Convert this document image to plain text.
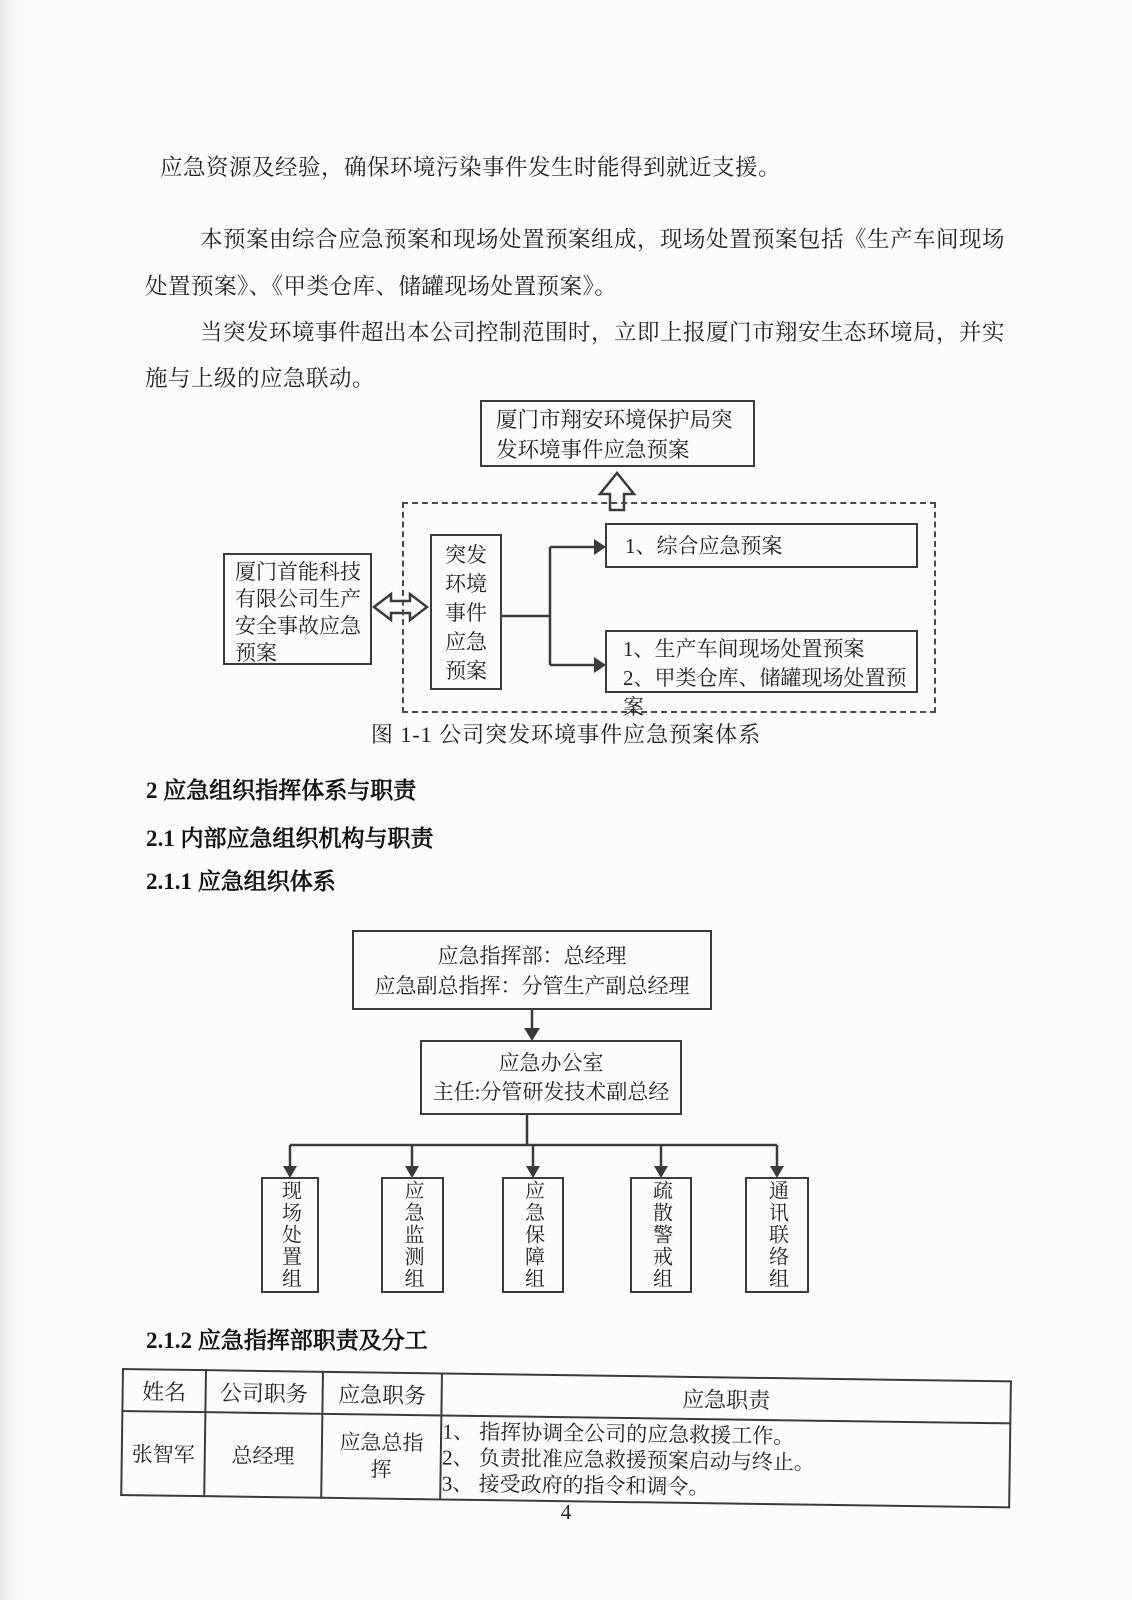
应急资源及经验，确保环境污染事件发生时能得到就近支援。
本预案由综合应急预案和现场处置预案组成，现场处置预案包括《生产车间现场
处置预案》、《甲类仓库、储罐现场处置预案》。
当突发环境事件超出本公司控制范围时，立即上报厦门市翔安生态环境局，并实
施与上级的应急联动。
厦门市翔安环境保护局突发环境事件应急预案
厦门首能科技有限公司生产安全事故应急预案
突发环境事件应急预案
1、综合应急预案
1、生产车间现场处置预案
2、甲类仓库、储罐现场处置预案
图 1-1 公司突发环境事件应急预案体系
2 应急组织指挥体系与职责
2.1 内部应急组织机构与职责
2.1.1 应急组织体系
应急指挥部：总经理
应急副总指挥：分管生产副总经理
应急办公室
主任:分管研发技术副总经
现场处置组	应急监测组	应急保障组	疏散警戒组	通讯联络组
2.1.2 应急指挥部职责及分工
姓名	公司职务	应急职务	应急职责
张智军	总经理	应急总指挥	1、 指挥协调全公司的应急救援工作。
2、 负责批准应急救援预案启动与终止。
3、 接受政府的指令和调令。
4
